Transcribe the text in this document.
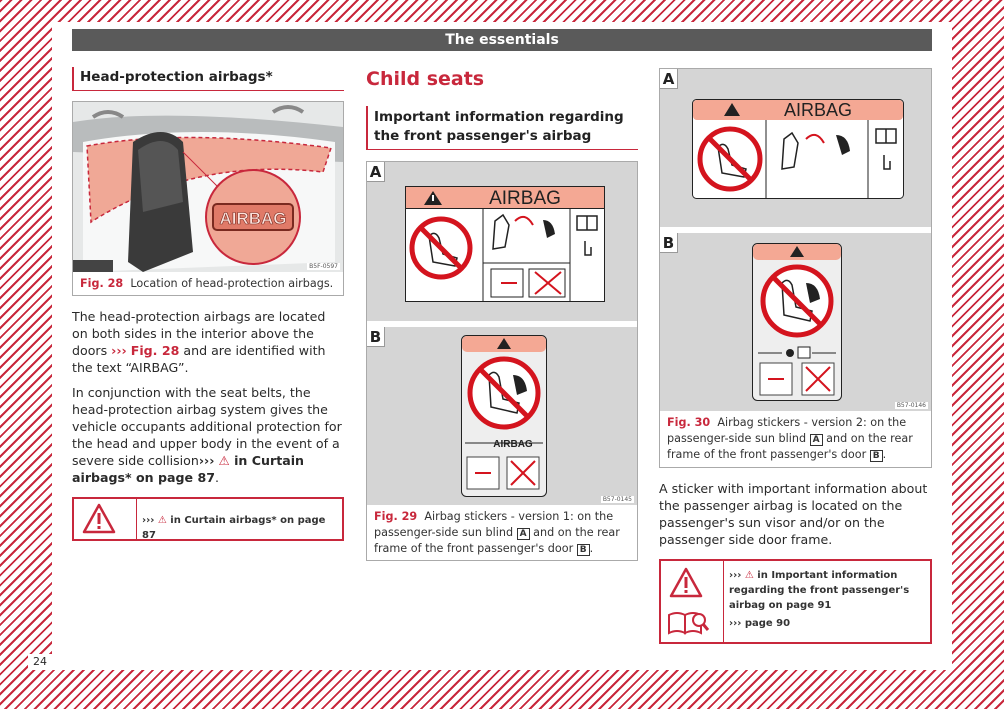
The essentials
Head-protection airbags*
AIRBAG
B5F-0597
Fig. 28 Location of head-protection airbags.
The head-protection airbags are located on both sides in the interior above the doors ››› Fig. 28 and are identified with the text “AIRBAG”.
In conjunction with the seat belts, the head-protection airbag system gives the vehicle occupants additional protection for the head and upper body in the event of a severe side collision››› ⚠ in Curtain airbags* on page 87.
››› ⚠ in Curtain airbags* on page 87
Child seats
Important information regarding the front passenger's airbag
A
AIRBAG
B
AIRBAG
B57-0145
Fig. 29 Airbag stickers - version 1: on the passenger-side sun blind A and on the rear frame of the front passenger's door B .
A
AIRBAG
B
B57-0146
Fig. 30 Airbag stickers - version 2: on the passenger-side sun blind A and on the rear frame of the front passenger's door B .
A sticker with important information about the passenger airbag is located on the passenger's sun visor and/or on the passenger side door frame.
››› ⚠ in Important information regarding the front passenger's airbag on page 91
››› page 90
24
